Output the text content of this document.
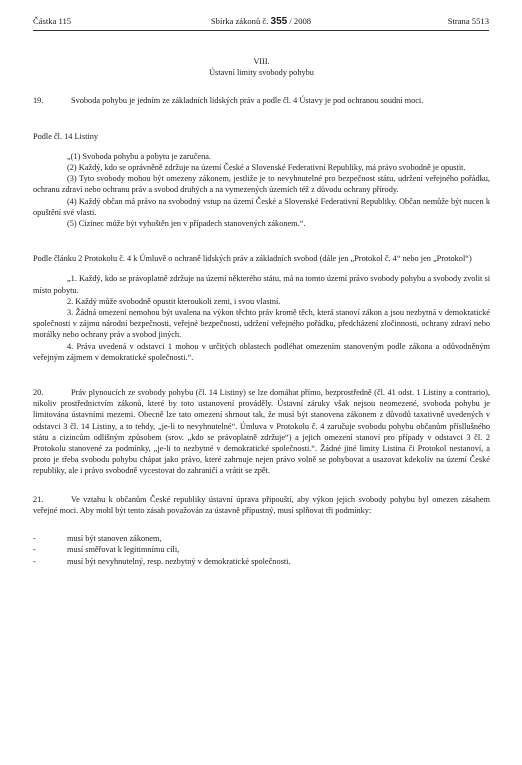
Částka 115	Sbírka zákonů č. 355 / 2008	Strana 5513
VIII.
Ústavní limity svobody pohybu

19.	Svoboda pohybu je jedním ze základních lidských práv a podle čl. 4 Ústavy je pod ochranou soudní moci.

Podle čl. 14 Listiny

„(1) Svoboda pohybu a pobytu je zaručena.

(2) Každý, kdo se oprávněně zdržuje na území České a Slovenské Federativní Republiky, má právo svobodně je opustit.

(3) Tyto svobody mohou být omezeny zákonem, jestliže je to nevyhnutelné pro bezpečnost státu, udržení veřejného pořádku, ochranu zdraví nebo ochranu práv a svobod druhých a na vymezených územích též z důvodu ochrany přírody.

(4) Každý občan má právo na svobodný vstup na území České a Slovenské Federativní Republiky. Občan nemůže být nucen k opuštění své vlasti.

(5) Cizinec může být vyhoštěn jen v případech stanovených zákonem.“.

Podle článku 2 Protokolu č. 4 k Úmluvě o ochraně lidských práv a základních svobod (dále jen „Protokol č. 4“ nebo jen „Protokol“)

„1. Každý, kdo se právoplatně zdržuje na území některého státu, má na tomto území právo svobody pohybu a svobody zvolit si místo pobytu.

2. Každý může svobodně opustit kteroukoli zemi, i svou vlastní.

3. Žádná omezení nemohou být uvalena na výkon těchto práv kromě těch, která stanoví zákon a jsou nezbytná v demokratické společnosti v zájmu národní bezpečnosti, veřejné bezpečnosti, udržení veřejného pořádku, předcházení zločinnosti, ochrany zdraví nebo morálky nebo ochrany práv a svobod jiných.

4. Práva uvedená v odstavci 1 mohou v určitých oblastech podléhat omezením stanoveným podle zákona a odůvodněným veřejným zájmem v demokratické společnosti.“.

20.	Práv plynoucích ze svobody pohybu (čl. 14 Listiny) se lze domáhat přímo, bezprostředně (čl. 41 odst. 1 Listiny a contrario), nikoliv prostřednictvím zákonů, které by toto ustanovení prováděly. Ústavní záruky však nejsou neomezené, svoboda pohybu je limitována ústavními mezemi. Obecně lze tato omezení shrnout tak, že musí být stanovena zákonem z důvodů taxativně uvedených v odstavci 3 čl. 14 Listiny, a to tehdy, „je-li to nevyhnutelné“. Úmluva v Protokolu č. 4 zaručuje svobodu pohybu občanům přísllušného státu a cizincům odlišným způsobem (srov. „kdo se právoplatně zdržuje“) a jejich omezení stanoví pro případy v odstavci 3 čl. 2 Protokolu stanovené za podmínky, „je-li to nezbytné v demokratické společnosti.“. Žádné jiné limity Listina či Protokol nestanoví, a proto je třeba svobodu pohybu chápat jako právo, které zahrnuje nejen právo volně se pohybovat a usazovat kdekoliv na území České republiky, ale i právo svobodně vycestovat do zahraničí a vrátit se zpět.

21.	Ve vztahu k občanům České republiky ústavní úprava připouští, aby výkon jejich svobody pohybu byl omezen zásahem veřejné moci. Aby mohl být tento zásah považován za ústavně přípustný, musí splňovat tři podmínky:

-	musí být stanoven zákonem,
-	musí směřovat k legitimnímu cíli,
-	musí být nevyhnutelný, resp. nezbytný v demokratické společnosti.
